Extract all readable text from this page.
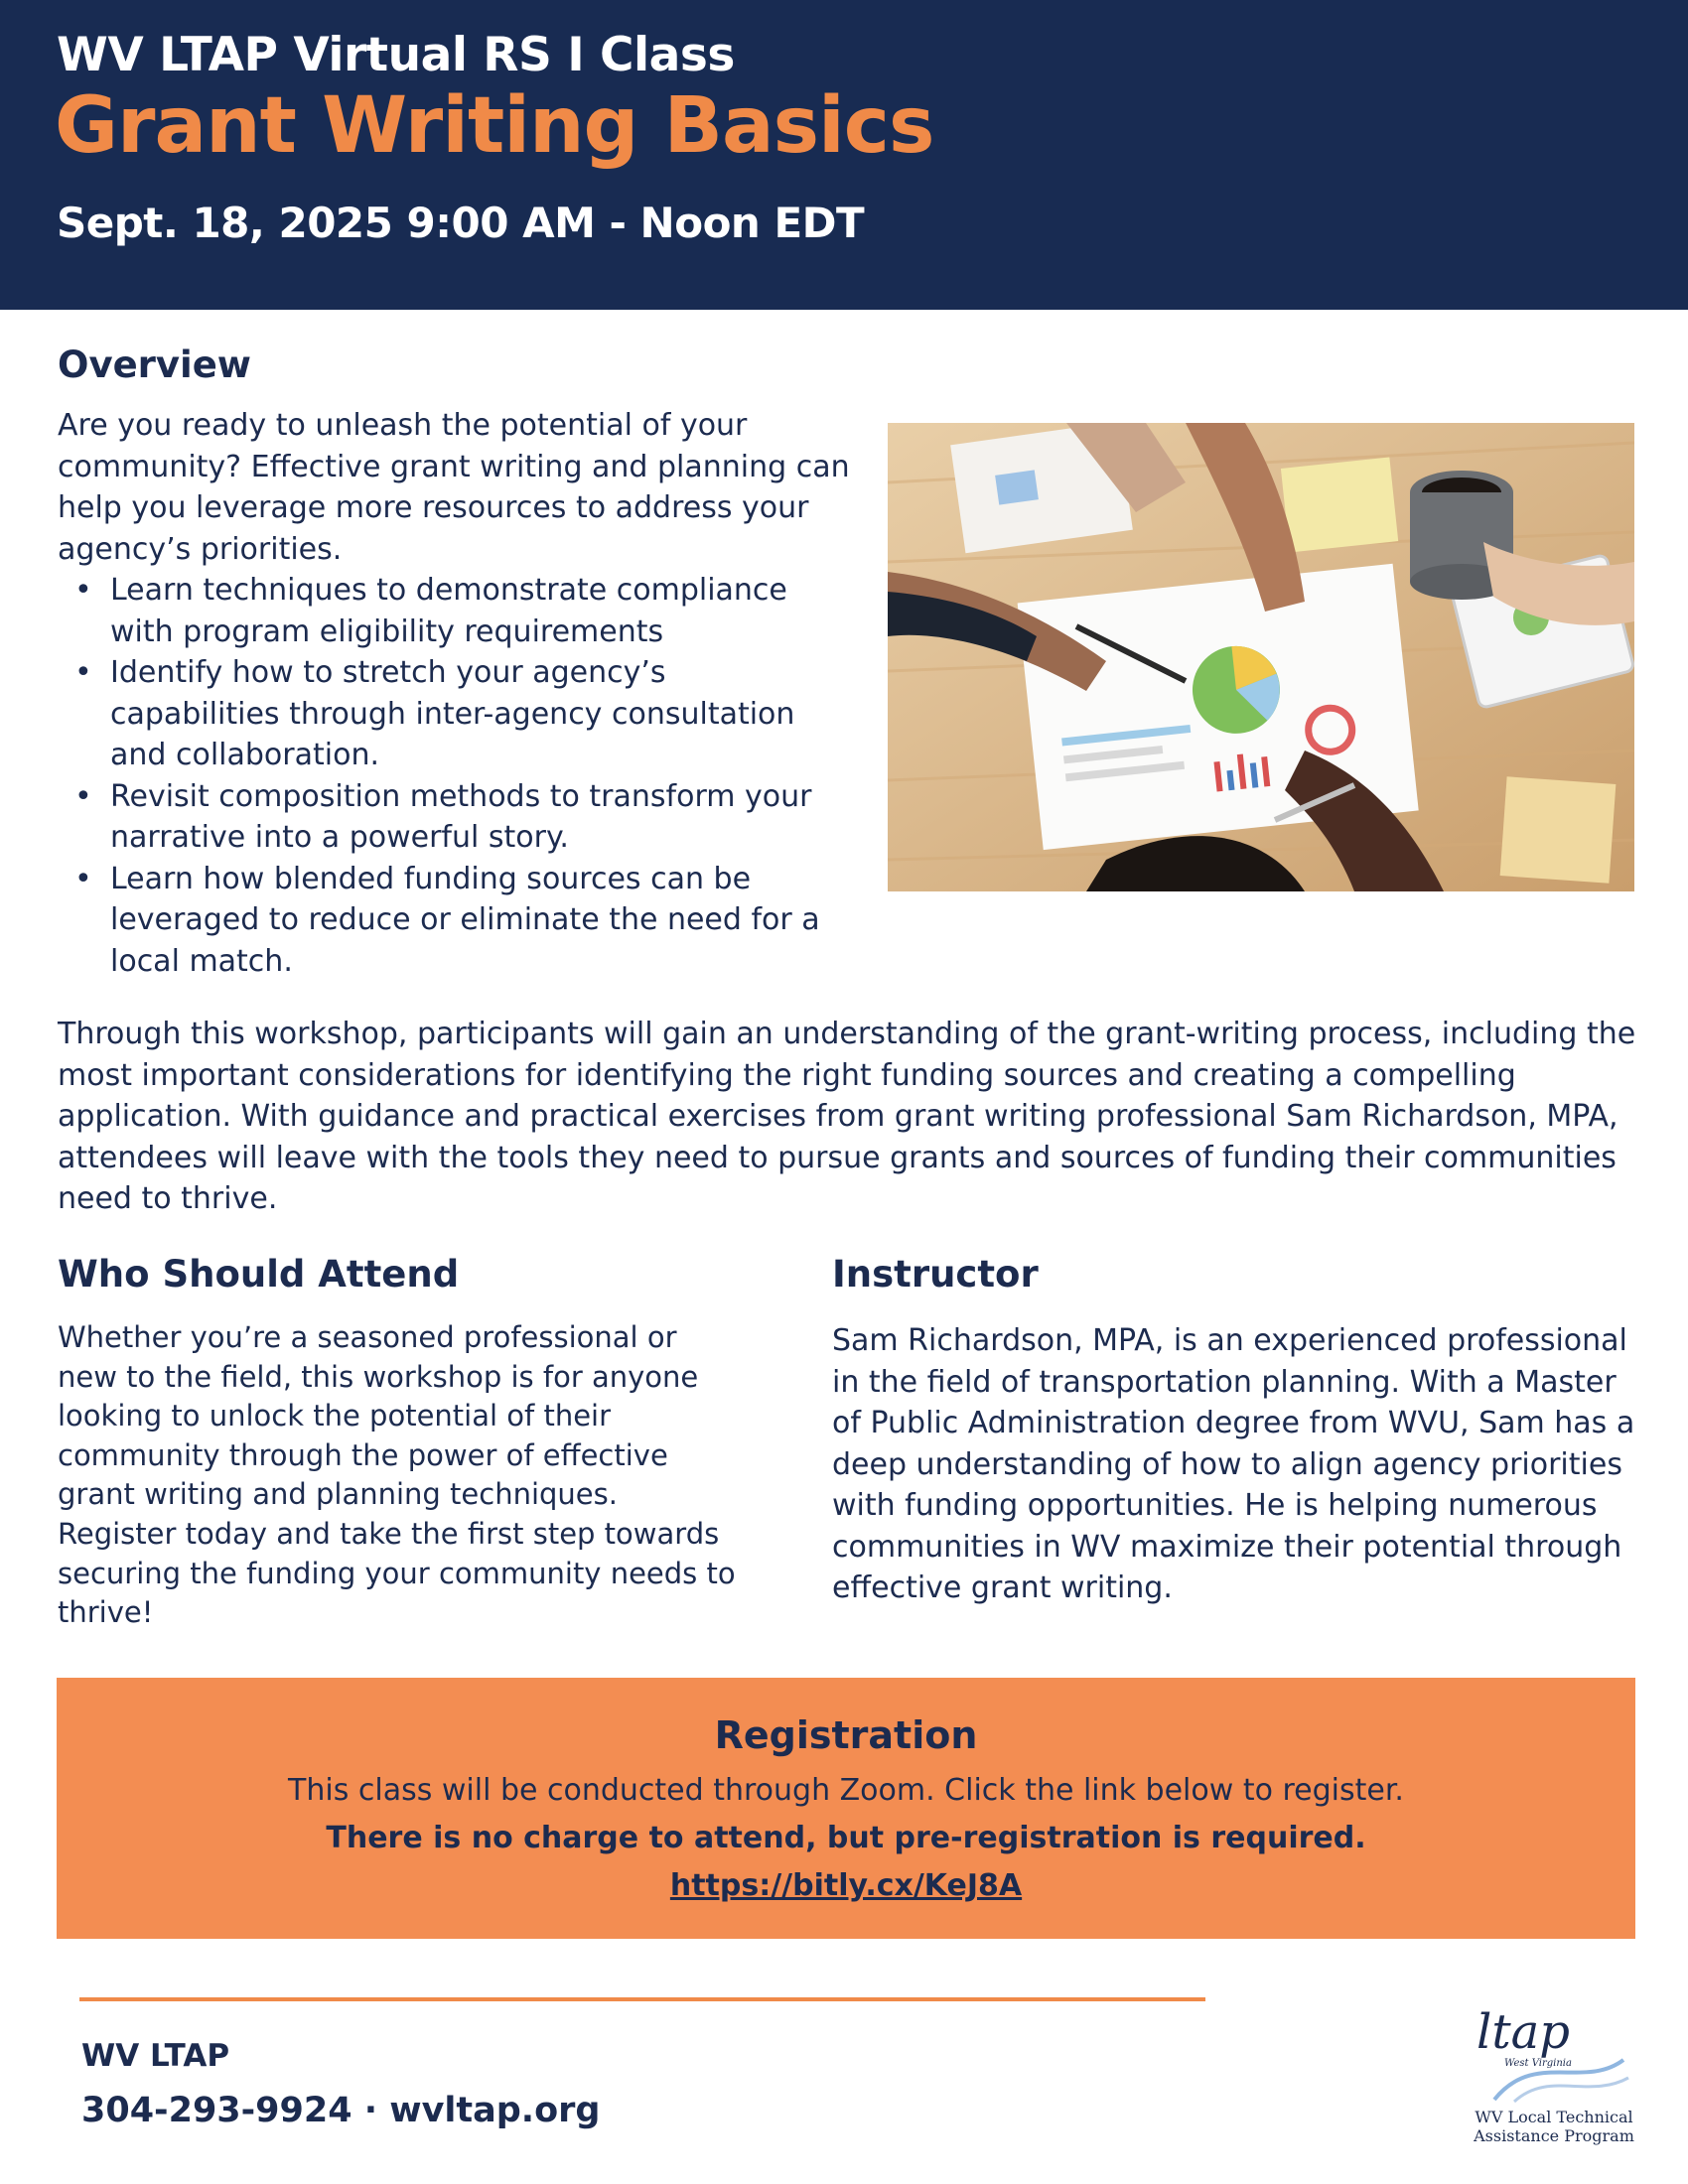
WV LTAP Virtual RS I Class
Grant Writing Basics
Sept. 18, 2025 9:00 AM - Noon EDT
Overview

Are you ready to unleash the potential of your community? Effective grant writing and planning can help you leverage more resources to address your agency’s priorities.

• Learn techniques to demonstrate compliance with program eligibility requirements
• Identify how to stretch your agency’s capabilities through inter-agency consultation and collaboration.
• Revisit composition methods to transform your narrative into a powerful story.
• Learn how blended funding sources can be leveraged to reduce or eliminate the need for a local match.

Through this workshop, participants will gain an understanding of the grant-writing process, including the most important considerations for identifying the right funding sources and creating a compelling application. With guidance and practical exercises from grant writing professional Sam Richardson, MPA, attendees will leave with the tools they need to pursue grants and sources of funding their communities need to thrive.

Who Should Attend

Whether you’re a seasoned professional or new to the field, this workshop is for anyone looking to unlock the potential of their community through the power of effective grant writing and planning techniques. Register today and take the first step towards securing the funding your community needs to thrive!

Instructor

Sam Richardson, MPA, is an experienced professional in the field of transportation planning. With a Master of Public Administration degree from WVU, Sam has a deep understanding of how to align agency priorities with funding opportunities. He is helping numerous communities in WV maximize their potential through effective grant writing.

Registration
This class will be conducted through Zoom. Click the link below to register.
There is no charge to attend, but pre-registration is required.
https://bitly.cx/KeJ8A
WV LTAP
304-293-9924 · wvltap.org
ltap
West Virginia
WV Local Technical Assistance Program
